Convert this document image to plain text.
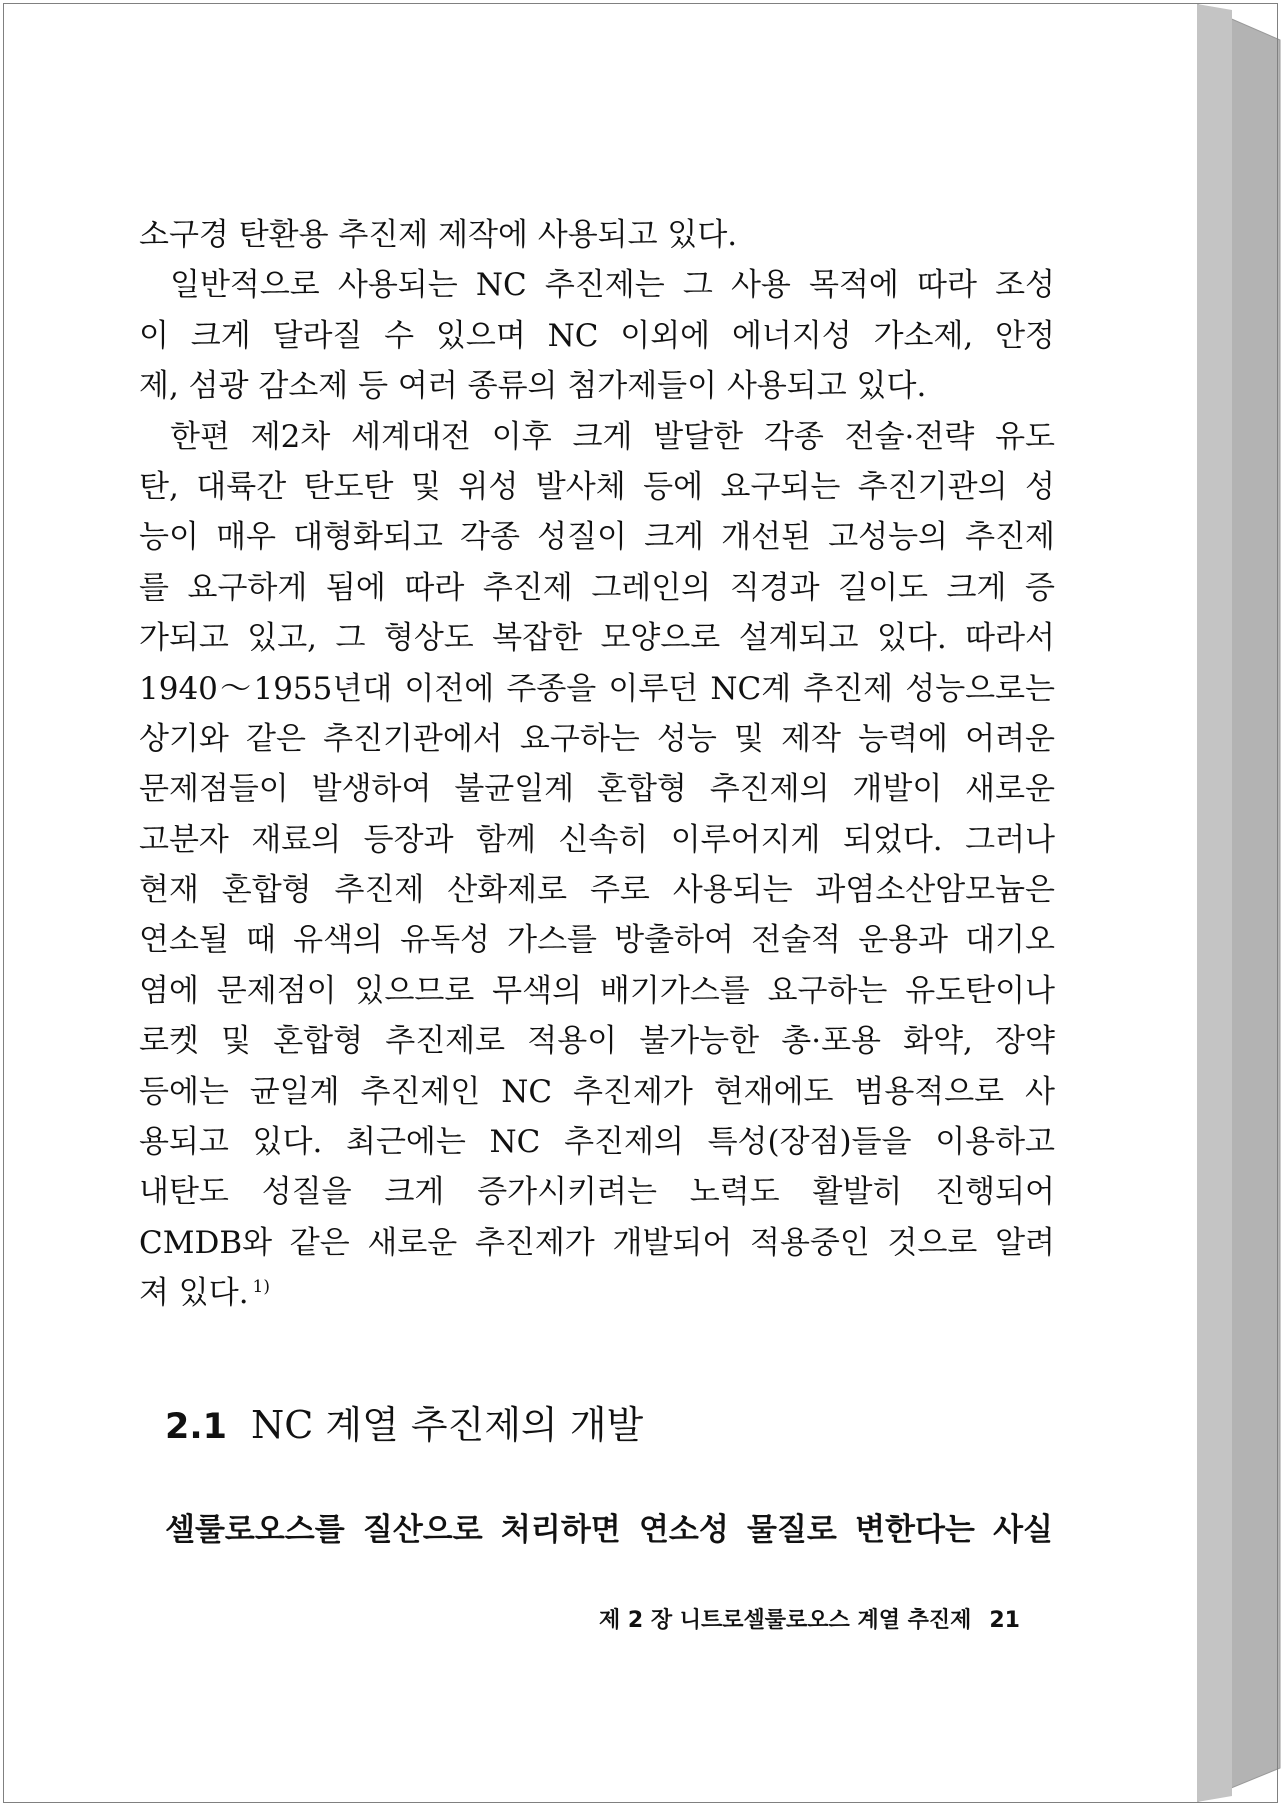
소구경 탄환용 추진제 제작에 사용되고 있다.
일반적으로 사용되는 NC 추진제는 그 사용 목적에 따라 조성
이 크게 달라질 수 있으며 NC 이외에 에너지성 가소제, 안정
제, 섬광 감소제 등 여러 종류의 첨가제들이 사용되고 있다.
한편 제2차 세계대전 이후 크게 발달한 각종 전술·전략 유도
탄, 대륙간 탄도탄 및 위성 발사체 등에 요구되는 추진기관의 성
능이 매우 대형화되고 각종 성질이 크게 개선된 고성능의 추진제
를 요구하게 됨에 따라 추진제 그레인의 직경과 길이도 크게 증
가되고 있고, 그 형상도 복잡한 모양으로 설계되고 있다. 따라서
1940～1955년대 이전에 주종을 이루던 NC계 추진제 성능으로는
상기와 같은 추진기관에서 요구하는 성능 및 제작 능력에 어려운
문제점들이 발생하여 불균일계 혼합형 추진제의 개발이 새로운
고분자 재료의 등장과 함께 신속히 이루어지게 되었다. 그러나
현재 혼합형 추진제 산화제로 주로 사용되는 과염소산암모늄은
연소될 때 유색의 유독성 가스를 방출하여 전술적 운용과 대기오
염에 문제점이 있으므로 무색의 배기가스를 요구하는 유도탄이나
로켓 및 혼합형 추진제로 적용이 불가능한 총·포용 화약, 장약
등에는 균일계 추진제인 NC 추진제가 현재에도 범용적으로 사
용되고 있다. 최근에는 NC 추진제의 특성(장점)들을 이용하고
내탄도 성질을 크게 증가시키려는 노력도 활발히 진행되어
CMDB와 같은 새로운 추진제가 개발되어 적용중인 것으로 알려
져 있다. $^{1)}$
2.1 NC 계열 추진제의 개발
셀룰로오스를 질산으로 처리하면 연소성 물질로 변한다는 사실
제 2 장 니트로셀룰로오스 계열 추진제 21
